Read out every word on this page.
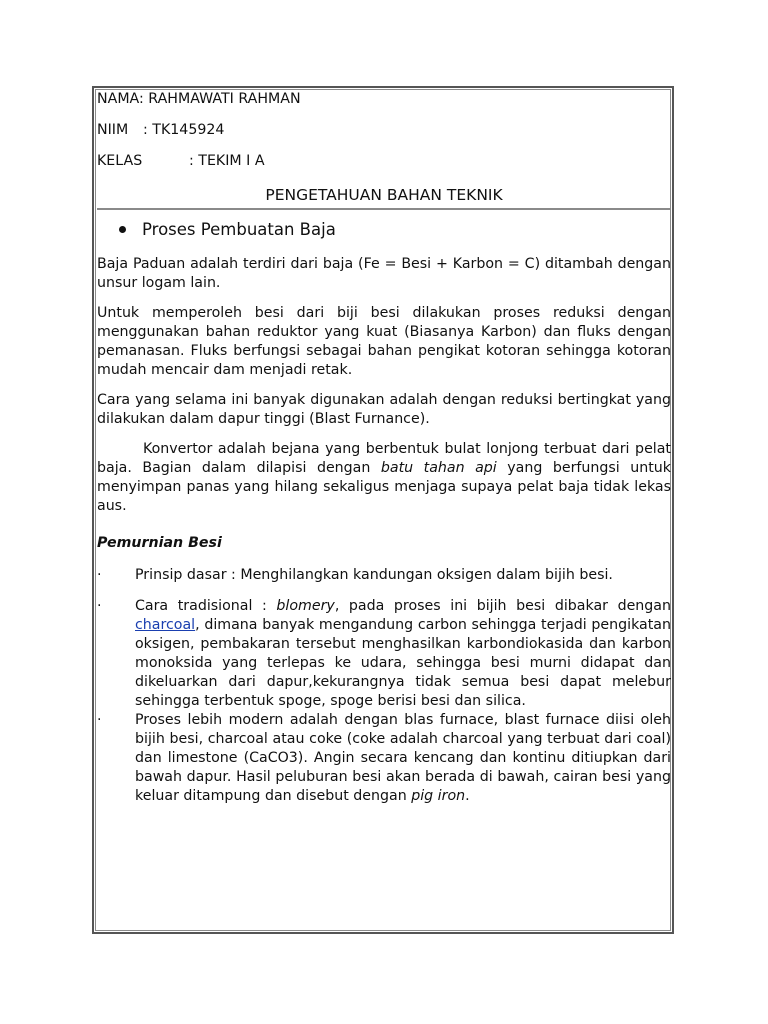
NAMA: RAHMAWATI RAHMAN
NIIM : TK145924
KELAS	: TEKIM I A
PENGETAHUAN BAHAN TEKNIK
Proses Pembuatan Baja

Baja Paduan adalah terdiri dari baja (Fe = Besi + Karbon = C) ditambah dengan unsur logam lain.

Untuk memperoleh besi dari biji besi dilakukan proses reduksi dengan menggunakan bahan reduktor yang kuat (Biasanya Karbon) dan fluks dengan pemanasan. Fluks berfungsi sebagai bahan pengikat kotoran sehingga kotoran mudah mencair dam menjadi retak.

Cara yang selama ini banyak digunakan adalah dengan reduksi bertingkat yang dilakukan dalam dapur tinggi (Blast Furnance).

Konvertor adalah bejana yang berbentuk bulat lonjong terbuat dari pelat baja. Bagian dalam dilapisi dengan batu tahan api yang berfungsi untuk menyimpan panas yang hilang sekaligus menjaga supaya pelat baja tidak lekas aus.

Pemurnian Besi
·	Prinsip dasar : Menghilangkan kandungan oksigen dalam bijih besi.
·	Cara tradisional : blomery, pada proses ini bijih besi dibakar dengan charcoal, dimana banyak mengandung carbon sehingga terjadi pengikatan oksigen, pembakaran tersebut menghasilkan karbondiokasida dan karbon monoksida yang terlepas ke udara, sehingga besi murni didapat dan dikeluarkan dari dapur,kekurangnya tidak semua besi dapat melebur sehingga terbentuk spoge, spoge berisi besi dan silica.
·	Proses lebih modern adalah dengan blas furnace, blast furnace diisi oleh bijih besi, charcoal atau coke (coke adalah charcoal yang terbuat dari coal) dan limestone (CaCO3). Angin secara kencang dan kontinu ditiupkan dari bawah dapur. Hasil peluburan besi akan berada di bawah, cairan besi yang keluar ditampung dan disebut dengan pig iron.
